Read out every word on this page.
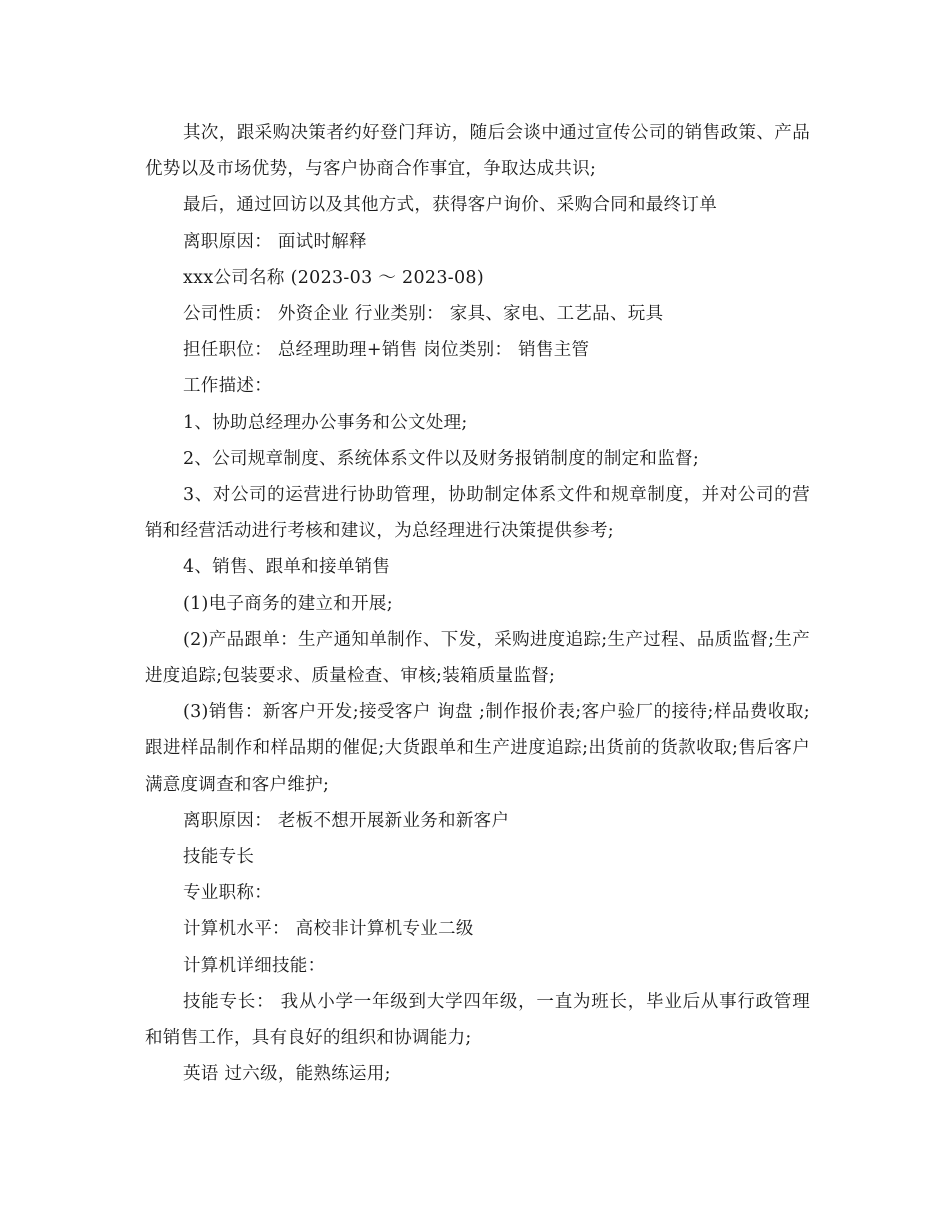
其次，跟采购决策者约好登门拜访，随后会谈中通过宣传公司的销售政策、产品优势以及市场优势，与客户协商合作事宜，争取达成共识;

最后，通过回访以及其他方式，获得客户询价、采购合同和最终订单

离职原因： 面试时解释

xxx公司名称 (2023-03 ～ 2023-08)

公司性质： 外资企业 行业类别： 家具、家电、工艺品、玩具

担任职位： 总经理助理+销售 岗位类别： 销售主管

工作描述：

1、协助总经理办公事务和公文处理;

2、公司规章制度、系统体系文件以及财务报销制度的制定和监督;

3、对公司的运营进行协助管理，协助制定体系文件和规章制度，并对公司的营销和经营活动进行考核和建议，为总经理进行决策提供参考;

4、销售、跟单和接单销售

(1)电子商务的建立和开展;

(2)产品跟单：生产通知单制作、下发，采购进度追踪;生产过程、品质监督;生产进度追踪;包装要求、质量检查、审核;装箱质量监督;

(3)销售：新客户开发;接受客户 询盘 ;制作报价表;客户验厂的接待;样品费收取;跟进样品制作和样品期的催促;大货跟单和生产进度追踪;出货前的货款收取;售后客户满意度调查和客户维护;

离职原因： 老板不想开展新业务和新客户

技能专长

专业职称：

计算机水平： 高校非计算机专业二级

计算机详细技能：

技能专长： 我从小学一年级到大学四年级，一直为班长，毕业后从事行政管理和销售工作，具有良好的组织和协调能力;

英语 过六级，能熟练运用;
